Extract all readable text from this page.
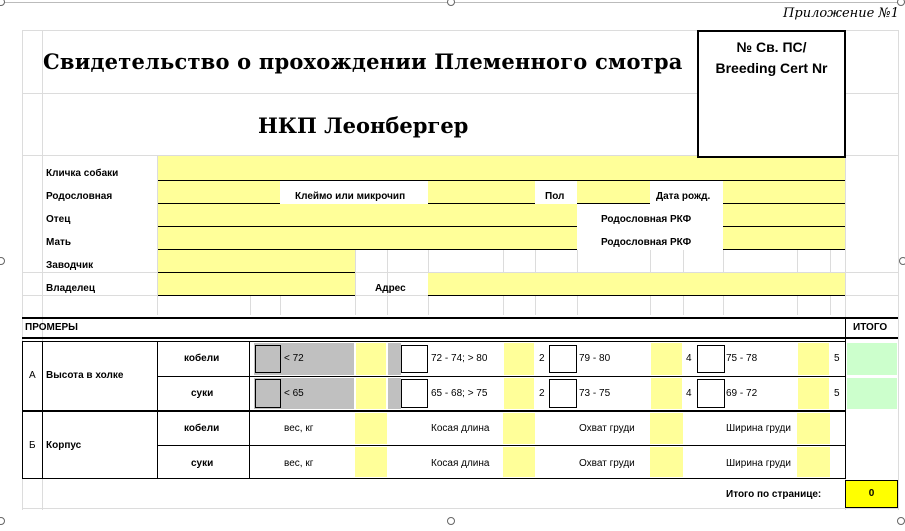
Приложение №1
Свидетельство о прохождении Племенного смотра
НКП Леонбергер
№ Св. ПС/
Breeding Cert Nr
Кличка собаки
Родословная	Клеймо или микрочип	Пол	Дата рожд.
Отец	Родословная РКФ
Мать	Родословная РКФ
Заводчик
Владелец	Адрес
ПРОМЕРЫ	ИТОГО
А Высота в холке
кобели	< 72	72 - 74; > 80	2	79 - 80	4	75 - 78	5
суки	< 65	65 - 68; > 75	2	73 - 75	4	69 - 72	5
Б Корпус
кобели	вес, кг	Косая длина	Охват груди	Ширина груди
суки	вес, кг	Косая длина	Охват груди	Ширина груди
Итого по странице:	0
